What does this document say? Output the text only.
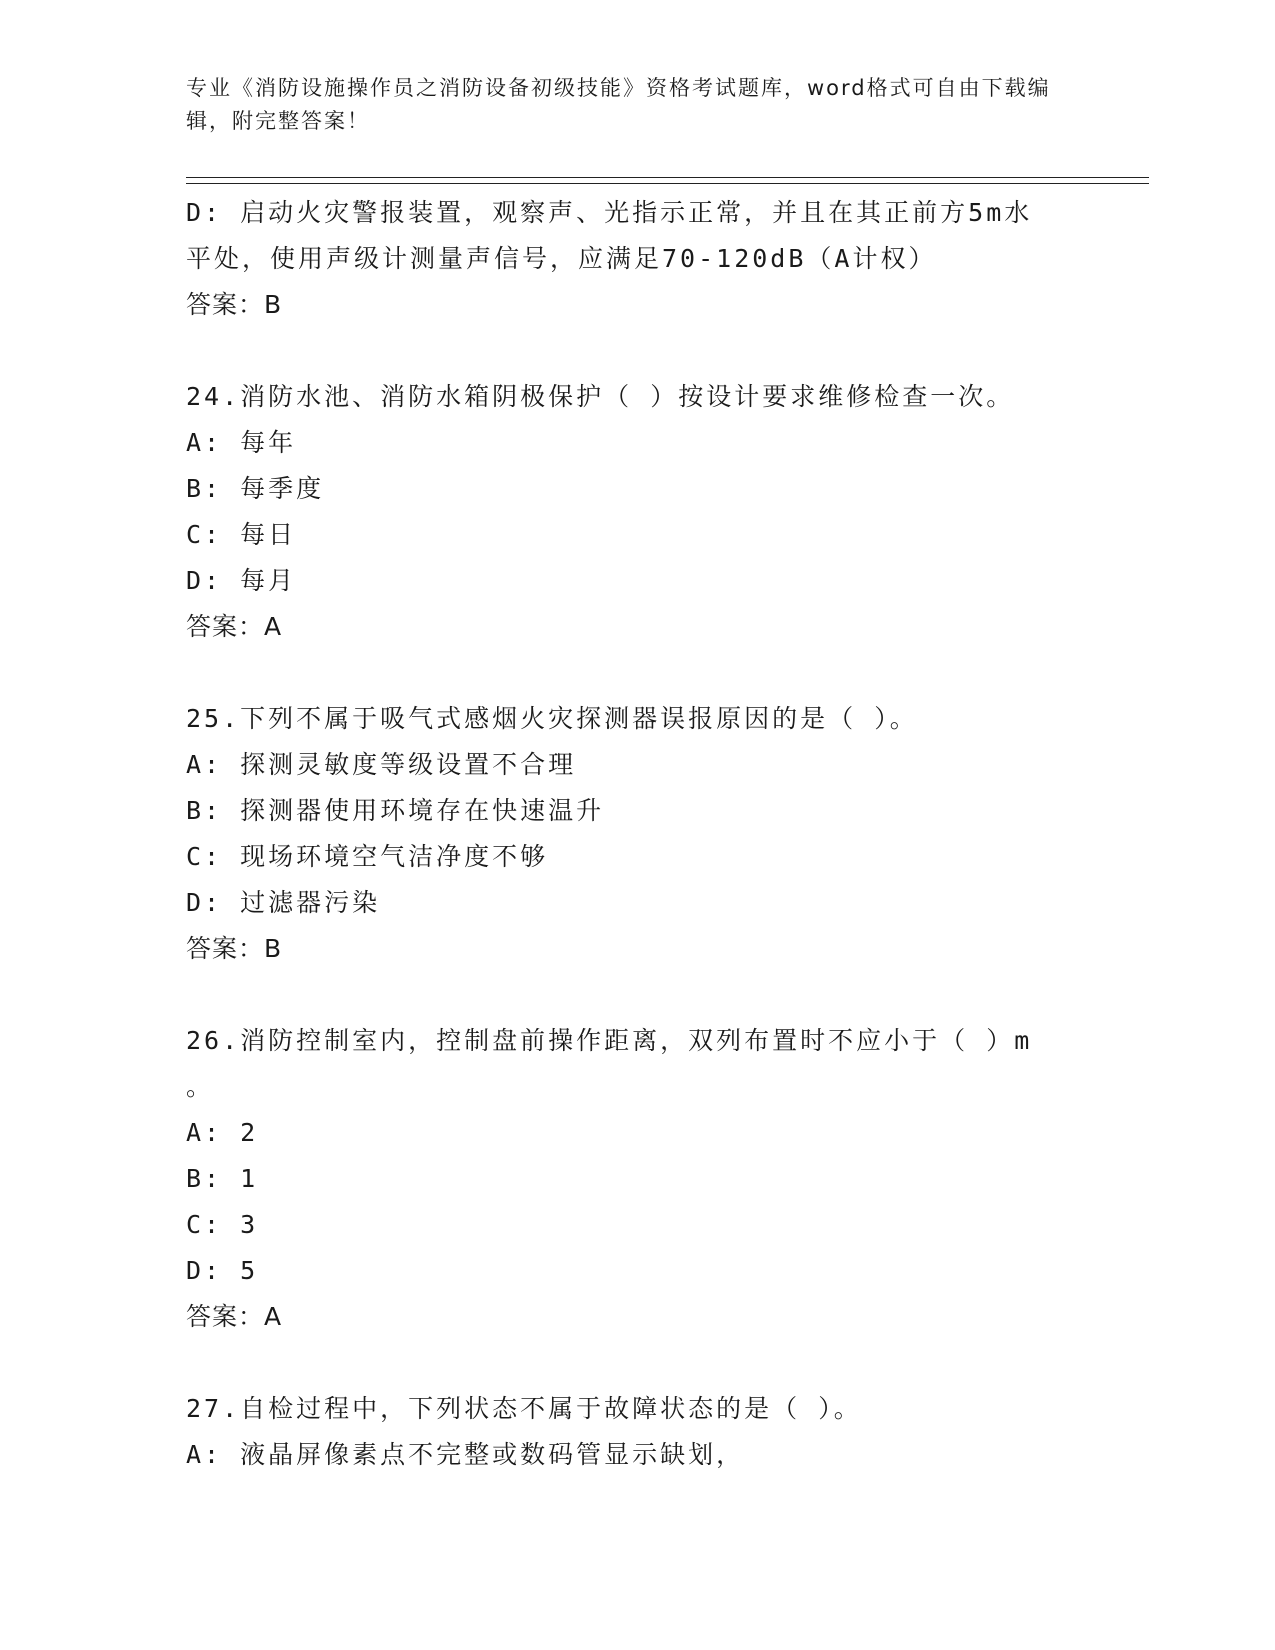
专业《消防设施操作员之消防设备初级技能》资格考试题库，word格式可自由下载编辑，附完整答案！
D: 启动火灾警报装置，观察声、光指示正常，并且在其正前方5m水
平处，使用声级计测量声信号，应满足70-120dB（A计权）
答案：B
24.消防水池、消防水箱阴极保护（ ）按设计要求维修检查一次。
A: 每年
B: 每季度
C: 每日
D: 每月
答案：A
25.下列不属于吸气式感烟火灾探测器误报原因的是（ ）。
A: 探测灵敏度等级设置不合理
B: 探测器使用环境存在快速温升
C: 现场环境空气洁净度不够
D: 过滤器污染
答案：B
26.消防控制室内，控制盘前操作距离，双列布置时不应小于（ ）m
。
A: 2
B: 1
C: 3
D: 5
答案：A
27.自检过程中，下列状态不属于故障状态的是（ ）。
A: 液晶屏像素点不完整或数码管显示缺划，
